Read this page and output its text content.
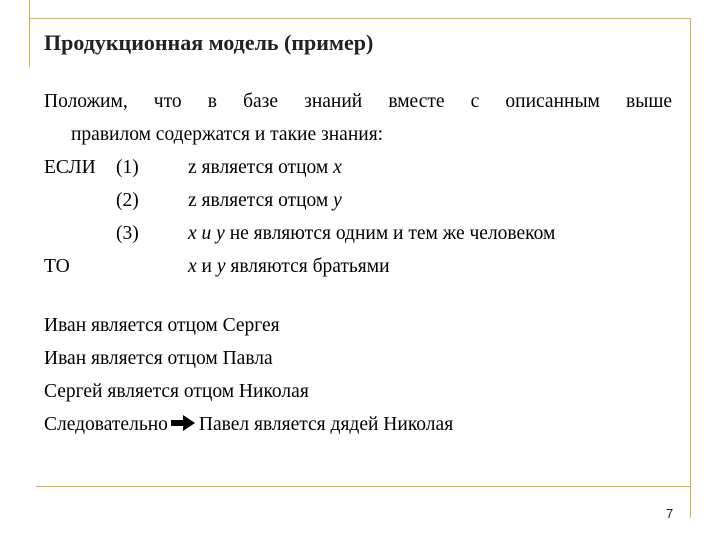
Продукционная модель (пример)
Положим, что в базе знаний вместе с описанным выше
правилом содержатся и такие знания:
ЕСЛИ (1)	z является отцом x
(2)	z является отцом y
(3)	x и y не являются одним и тем же человеком
ТО	x и y являются братьями
Иван является отцом Сергея
Иван является отцом Павла
Сергей является отцом Николая
Следовательно Павел является дядей Николая
7
